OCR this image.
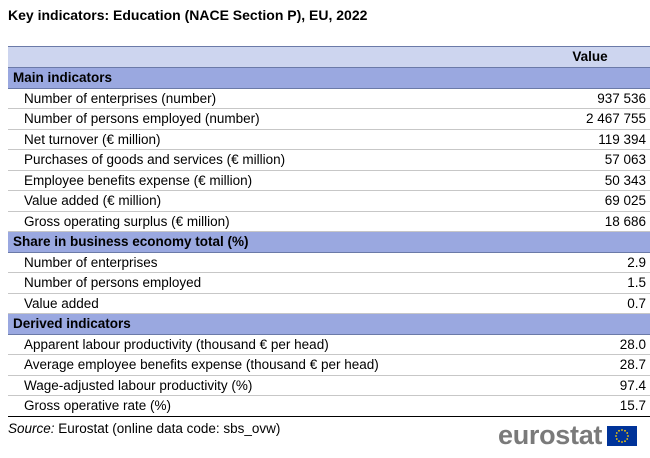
Key indicators: Education (NACE Section P), EU, 2022
	Value
Main indicators	
Number of enterprises (number)	937 536
Number of persons employed (number)	2 467 755
Net turnover (€ million)	119 394
Purchases of goods and services (€ million)	57 063
Employee benefits expense (€ million)	50 343
Value added (€ million)	69 025
Gross operating surplus (€ million)	18 686
Share in business economy total (%)	
Number of enterprises	2.9
Number of persons employed	1.5
Value added	0.7
Derived indicators	
Apparent labour productivity (thousand € per head)	28.0
Average employee benefits expense (thousand € per head)	28.7
Wage-adjusted labour productivity (%)	97.4
Gross operative rate (%)	15.7
Source: Eurostat (online data code: sbs_ovw)	eurostat
